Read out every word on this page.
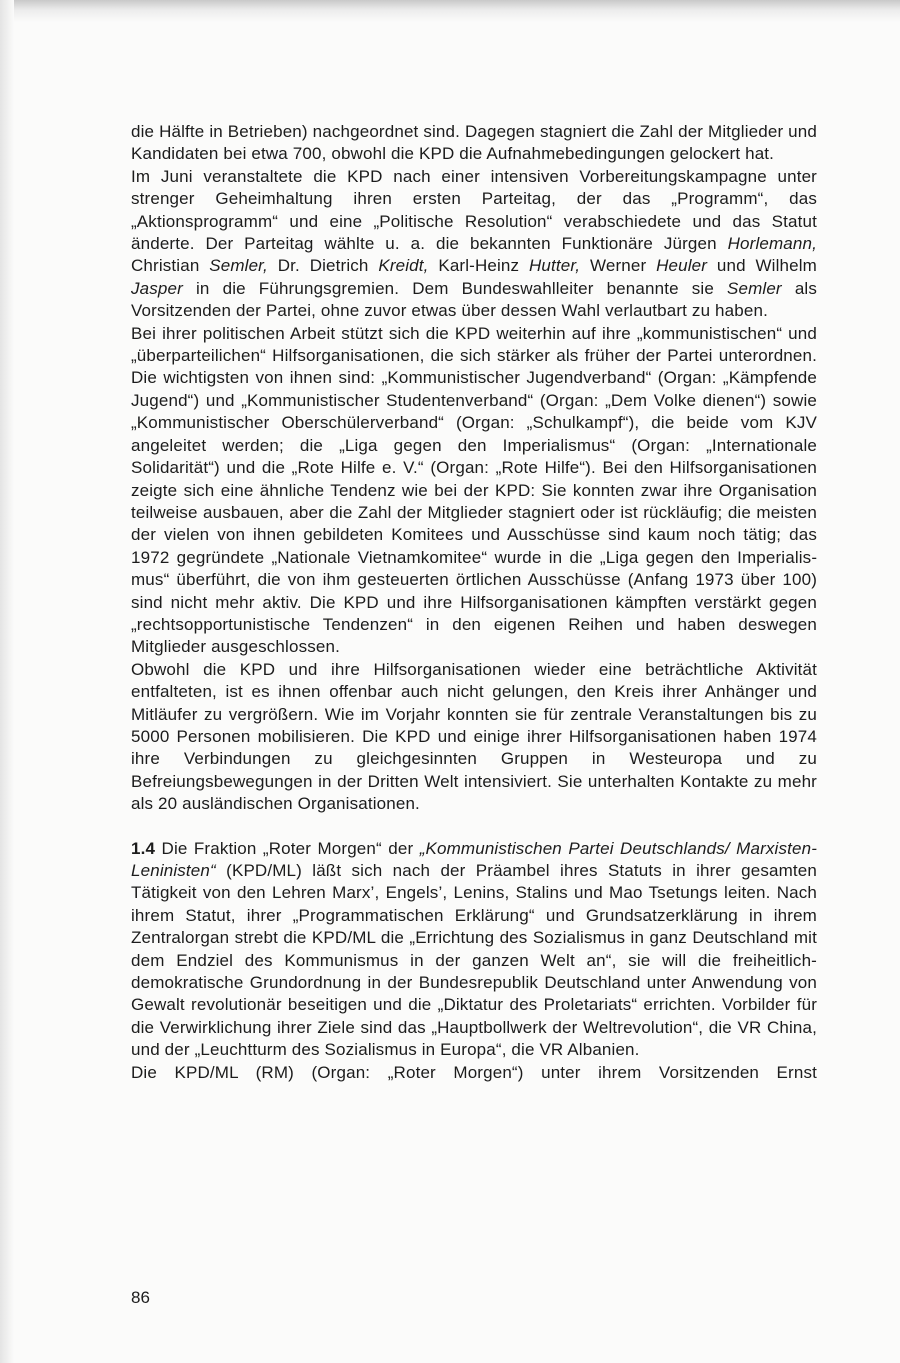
die Hälfte in Betrieben) nachgeordnet sind. Dagegen stagniert die Zahl der Mitglieder und Kandidaten bei etwa 700, obwohl die KPD die Aufnahmebedingungen gelockert hat.

Im Juni veranstaltete die KPD nach einer intensiven Vorbereitungskampagne unter strenger Geheimhaltung ihren ersten Parteitag, der das „Programm“, das „Aktionsprogramm“ und eine „Politische Resolution“ verabschiedete und das Statut änderte. Der Parteitag wählte u. a. die bekannten Funktionäre Jürgen Horlemann, Christian Semler, Dr. Dietrich Kreidt, Karl-Heinz Hutter, Werner Heuler und Wilhelm Jasper in die Führungsgremien. Dem Bundeswahlleiter benannte sie Semler als Vorsitzenden der Partei, ohne zuvor etwas über dessen Wahl verlautbart zu haben.

Bei ihrer politischen Arbeit stützt sich die KPD weiterhin auf ihre „kommunistischen“ und „überparteilichen“ Hilfsorganisationen, die sich stärker als früher der Partei unterordnen. Die wichtigsten von ihnen sind: „Kommunistischer Jugendverband“ (Organ: „Kämpfende Jugend“) und „Kommunistischer Studentenverband“ (Organ: „Dem Volke dienen“) sowie „Kommunistischer Oberschülerverband“ (Organ: „Schulkampf“), die beide vom KJV angeleitet werden; die „Liga gegen den Imperialismus“ (Organ: „Internationale Solidarität“) und die „Rote Hilfe e. V.“ (Organ: „Rote Hilfe“). Bei den Hilfsorganisationen zeigte sich eine ähnliche Tendenz wie bei der KPD: Sie konnten zwar ihre Organisation teilweise ausbauen, aber die Zahl der Mitglieder stagniert oder ist rückläufig; die meisten der vielen von ihnen gebildeten Komitees und Ausschüsse sind kaum noch tätig; das 1972 gegründete „Nationale Vietnamkomitee“ wurde in die „Liga gegen den Imperialismus“ überführt, die von ihm gesteuerten örtlichen Ausschüsse (Anfang 1973 über 100) sind nicht mehr aktiv. Die KPD und ihre Hilfsorganisationen kämpften verstärkt gegen „rechtsopportunistische Tendenzen“ in den eigenen Reihen und haben deswegen Mitglieder ausgeschlossen.

Obwohl die KPD und ihre Hilfsorganisationen wieder eine beträchtliche Aktivität entfalteten, ist es ihnen offenbar auch nicht gelungen, den Kreis ihrer Anhänger und Mitläufer zu vergrößern. Wie im Vorjahr konnten sie für zentrale Veranstaltungen bis zu 5000 Personen mobilisieren. Die KPD und einige ihrer Hilfsorganisationen haben 1974 ihre Verbindungen zu gleichgesinnten Gruppen in Westeuropa und zu Befreiungsbewegungen in der Dritten Welt intensiviert. Sie unterhalten Kontakte zu mehr als 20 ausländischen Organisationen.

1.4 Die Fraktion „Roter Morgen“ der „Kommunistischen Partei Deutschlands/ Marxisten-Leninisten“ (KPD/ML) läßt sich nach der Präambel ihres Statuts in ihrer gesamten Tätigkeit von den Lehren Marx’, Engels’, Lenins, Stalins und Mao Tsetungs leiten. Nach ihrem Statut, ihrer „Programmatischen Erklärung“ und Grundsatzerklärung in ihrem Zentralorgan strebt die KPD/ML die „Errichtung des Sozialismus in ganz Deutschland mit dem Endziel des Kommunismus in der ganzen Welt an“, sie will die freiheitlich-demokratische Grundordnung in der Bundesrepublik Deutschland unter Anwendung von Gewalt revolutionär beseitigen und die „Diktatur des Proletariats“ errichten. Vorbilder für die Verwirklichung ihrer Ziele sind das „Hauptbollwerk der Weltrevolution“, die VR China, und der „Leuchtturm des Sozialismus in Europa“, die VR Albanien.

Die KPD/ML (RM) (Organ: „Roter Morgen“) unter ihrem Vorsitzenden Ernst

86
